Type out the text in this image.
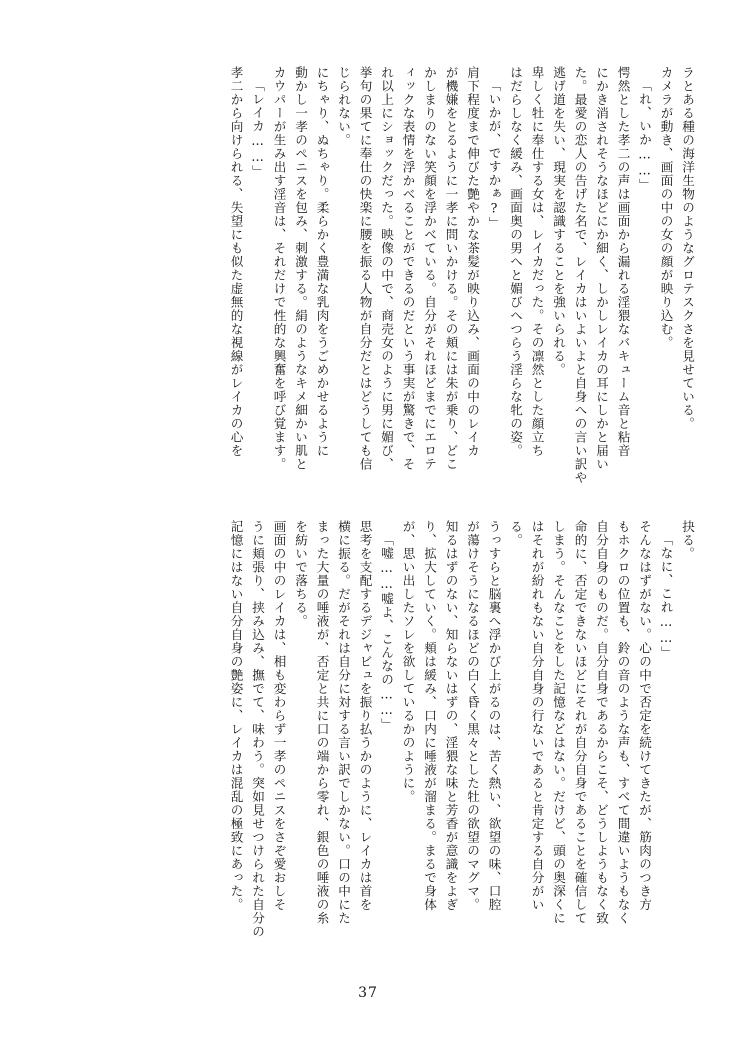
ラとある種の海洋生物のようなグロテスクさを見せている。
カメラが動き、画面の中の女の顔が映り込む。
「れ、いか……」
愕然とした孝二の声は画面から漏れる淫猥なバキューム音と粘音
にかき消されそうなほどにか細く、しかしレイカの耳にしかと届い
た。最愛の恋人の告げた名で、レイカはいよいよと自身への言い訳や
逃げ道を失い、現実を認識することを強いられる。
卑しく牡に奉仕する女は、レイカだった。その凛然とした顔立ち
はだらしなく緩み、画面奥の男へと媚びへつらう淫らな牝の姿。
「いかが、ですかぁ?」
肩下程度まで伸びた艶やかな茶髪が映り込み、画面の中のレイカ
が機嫌をとるように一孝に問いかける。その頬には朱が乗り、どこ
かしまりのない笑顔を浮かべている。自分がそれほどまでにエロテ
ィックな表情を浮かべることができるのだという事実が驚きで、そ
れ以上にショックだった。映像の中で、商売女のように男に媚び、
挙句の果てに奉仕の快楽に腰を振る人物が自分だとはどうしても信
じられない。
にちゃり、ぬちゃり。柔らかく豊満な乳肉をうごめかせるように
動かし一孝のペニスを包み、刺激する。絹のようなキメ細かい肌と
カウパーが生み出す淫音は、それだけで性的な興奮を呼び覚ます。
「レイカ……」
孝二から向けられる、失望にも似た虚無的な視線がレイカの心を
抉る。
「なに、これ……」
そんなはずがない。心の中で否定を続けてきたが、筋肉のつき方
もホクロの位置も、鈴の音のような声も、すべて間違いようもなく
自分自身のものだ。自分自身であるからこそ、どうしようもなく致
命的に、否定できないほどにそれが自分自身であることを確信して
しまう。そんなことをした記憶などはない。だけど、頭の奥深くに
はそれが紛れもない自分自身の行ないであると肯定する自分がい
る。
うっすらと脳裏へ浮かび上がるのは、苦く熱い、欲望の味、口腔
が蕩けそうになるほどの白く昏く黒々とした牡の欲望のマグマ。
知るはずのない、知らないはずの、淫猥な味と芳香が意識をよぎ
り、拡大していく。頬は緩み、口内に唾液が溜まる。まるで身体
が、思い出したソレを欲しているかのように。
「嘘……嘘よ、こんなの……」
思考を支配するデジャビュを振り払うかのように、レイカは首を
横に振る。だがそれは自分に対する言い訳でしかない。口の中にた
まった大量の唾液が、否定と共に口の端から零れ、銀色の唾液の糸
を紡いで落ちる。
画面の中のレイカは、相も変わらず一孝のペニスをさぞ愛おしそ
うに頬張り、挟み込み、撫でて、味わう。突如見せつけられた自分の
記憶にはない自分自身の艶姿に、レイカは混乱の極致にあった。
37
